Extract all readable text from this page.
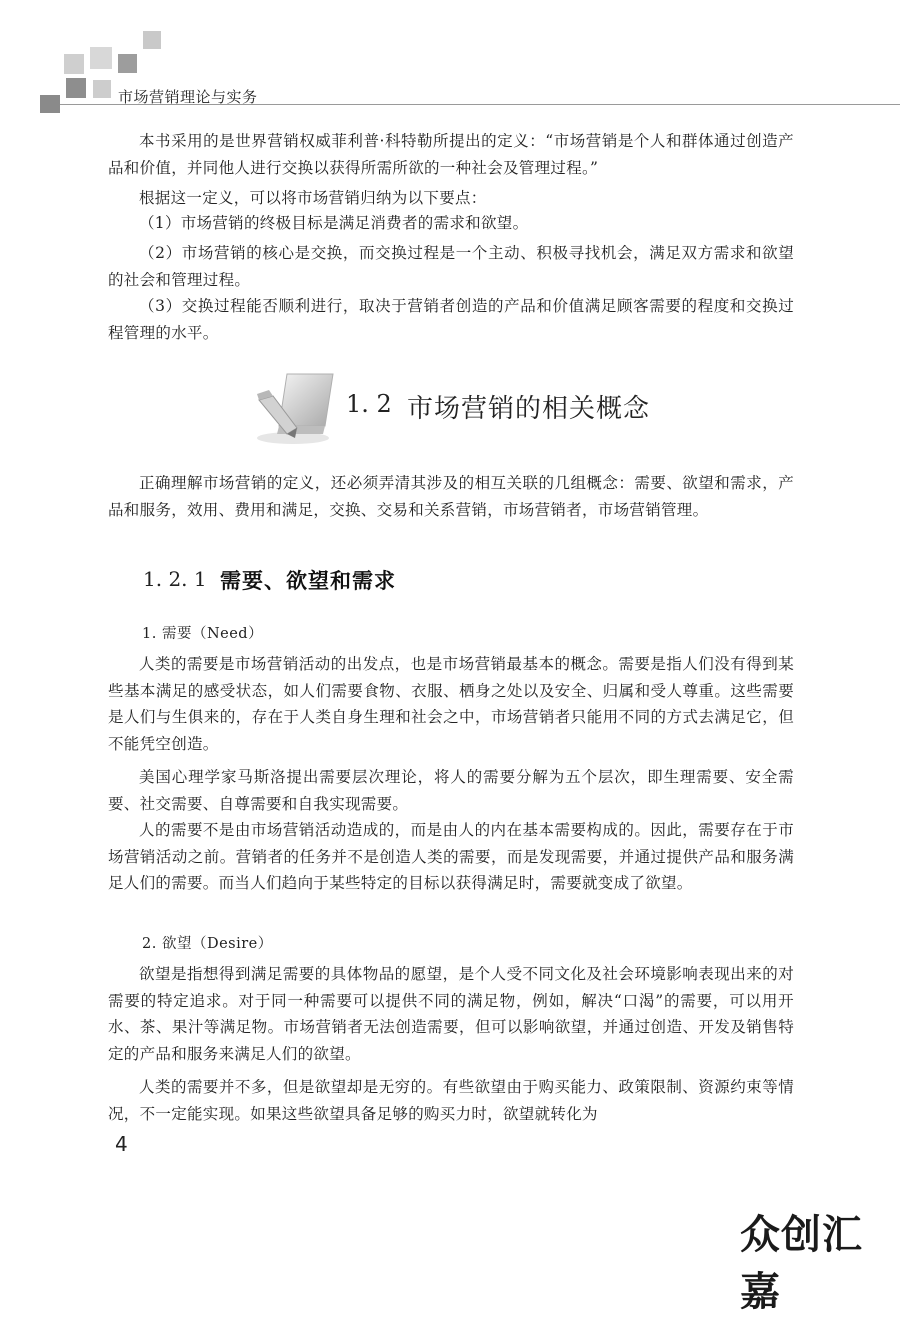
市场营销理论与实务

本书采用的是世界营销权威菲利普·科特勒所提出的定义：“市场营销是个人和群体通过创造产品和价值，并同他人进行交换以获得所需所欲的一种社会及管理过程。”

根据这一定义，可以将市场营销归纳为以下要点：

（1）市场营销的终极目标是满足消费者的需求和欲望。

（2）市场营销的核心是交换，而交换过程是一个主动、积极寻找机会，满足双方需求和欲望的社会和管理过程。

（3）交换过程能否顺利进行，取决于营销者创造的产品和价值满足顾客需要的程度和交换过程管理的水平。

1. 2 市场营销的相关概念

正确理解市场营销的定义，还必须弄清其涉及的相互关联的几组概念：需要、欲望和需求，产品和服务，效用、费用和满足，交换、交易和关系营销，市场营销者，市场营销管理。

1. 2. 1 需要、欲望和需求
1. 需要（Need）

人类的需要是市场营销活动的出发点，也是市场营销最基本的概念。需要是指人们没有得到某些基本满足的感受状态，如人们需要食物、衣服、栖身之处以及安全、归属和受人尊重。这些需要是人们与生俱来的，存在于人类自身生理和社会之中，市场营销者只能用不同的方式去满足它，但不能凭空创造。

美国心理学家马斯洛提出需要层次理论，将人的需要分解为五个层次，即生理需要、安全需要、社交需要、自尊需要和自我实现需要。

人的需要不是由市场营销活动造成的，而是由人的内在基本需要构成的。因此，需要存在于市场营销活动之前。营销者的任务并不是创造人类的需要，而是发现需要，并通过提供产品和服务满足人们的需要。而当人们趋向于某些特定的目标以获得满足时，需要就变成了欲望。

2. 欲望（Desire）

欲望是指想得到满足需要的具体物品的愿望，是个人受不同文化及社会环境影响表现出来的对需要的特定追求。对于同一种需要可以提供不同的满足物，例如，解决“口渴”的需要，可以用开水、茶、果汁等满足物。市场营销者无法创造需要，但可以影响欲望，并通过创造、开发及销售特定的产品和服务来满足人们的欲望。

人类的需要并不多，但是欲望却是无穷的。有些欲望由于购买能力、政策限制、资源约束等情况，不一定能实现。如果这些欲望具备足够的购买力时，欲望就转化为

4
众创汇嘉
